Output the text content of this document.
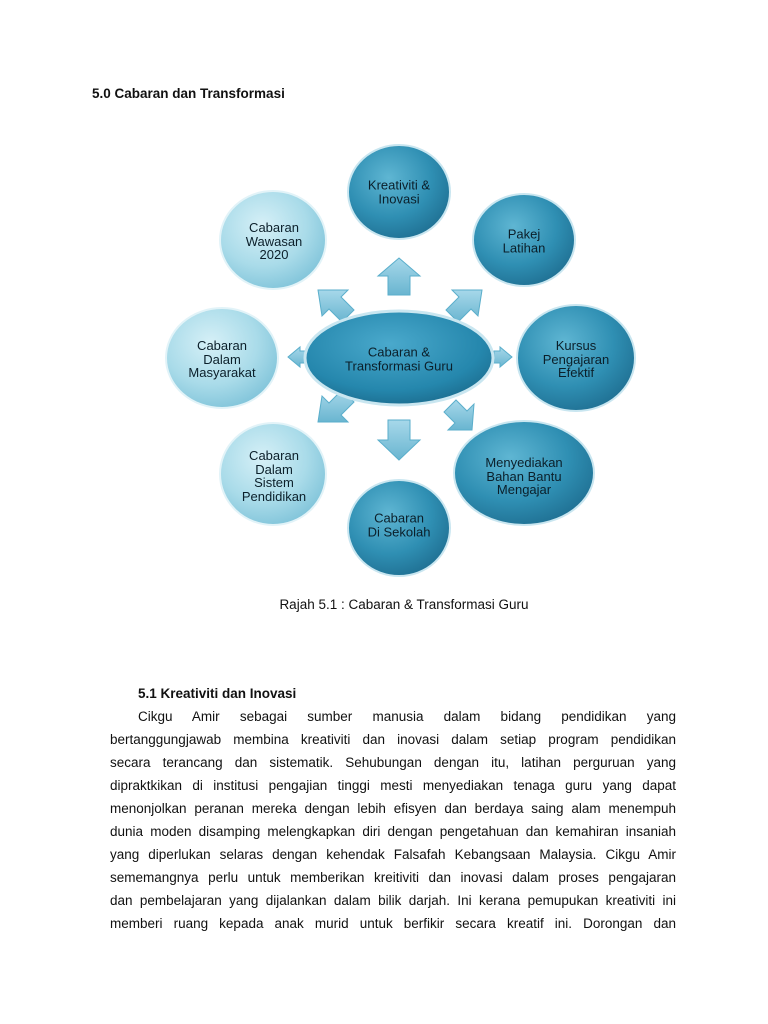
5.0 Cabaran dan Transformasi
Kreativiti &
Inovasi
Pakej
Latihan
Kursus
Pengajaran
Efektif
Menyediakan
Bahan Bantu
Mengajar
Cabaran
Di Sekolah
Cabaran
Dalam
Sistem
Pendidikan
Cabaran
Dalam
Masyarakat
Cabaran
Wawasan
2020
Cabaran &
Transformasi Guru
Rajah 5.1 : Cabaran & Transformasi Guru
5.1 Kreativiti dan Inovasi
Cikgu Amir sebagai sumber manusia dalam bidang pendidikan yang
bertanggungjawab membina kreativiti dan inovasi dalam setiap program pendidikan
secara terancang dan sistematik. Sehubungan dengan itu, latihan perguruan yang
dipraktkikan di institusi pengajian tinggi mesti menyediakan tenaga guru yang dapat
menonjolkan peranan mereka dengan lebih efisyen dan berdaya saing alam menempuh
dunia moden disamping melengkapkan diri dengan pengetahuan dan kemahiran insaniah
yang diperlukan selaras dengan kehendak Falsafah Kebangsaan Malaysia. Cikgu Amir
sememangnya perlu untuk memberikan kreitiviti dan inovasi dalam proses pengajaran
dan pembelajaran yang dijalankan dalam bilik darjah. Ini kerana pemupukan kreativiti ini
memberi ruang kepada anak murid untuk berfikir secara kreatif ini. Dorongan dan
